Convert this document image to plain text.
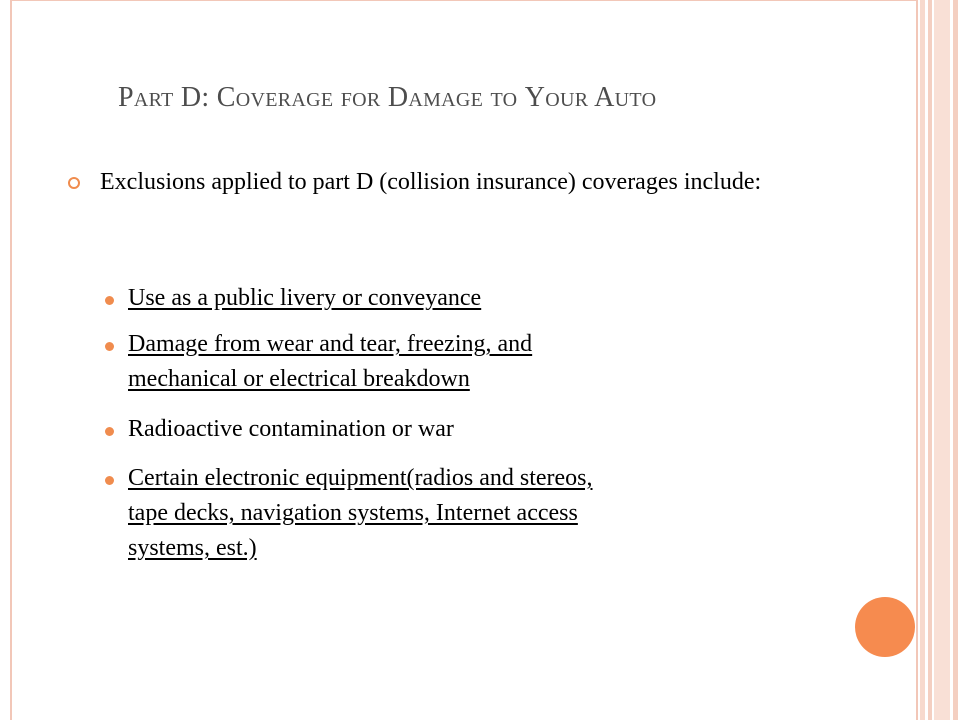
Part D: Coverage for Damage to Your Auto
Exclusions applied to part D (collision insurance) coverages include:
Use as a public livery or conveyance
Damage from wear and tear, freezing, and
mechanical or electrical breakdown
Radioactive contamination or war
Certain electronic equipment(radios and stereos,
tape decks, navigation systems, Internet access
systems, est.)
